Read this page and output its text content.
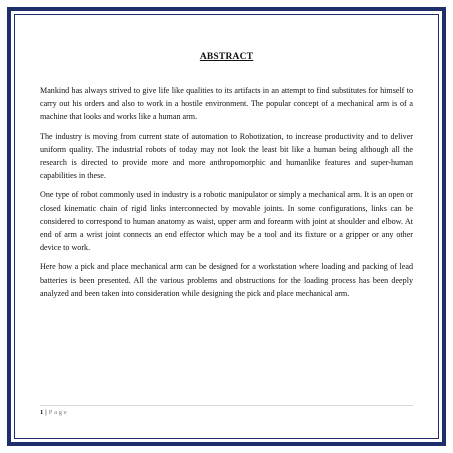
ABSTRACT

Mankind has always strived to give life like qualities to its artifacts in an attempt to find substitutes for himself to carry out his orders and also to work in a hostile environment. The popular concept of a mechanical arm is of a machine that looks and works like a human arm.

The industry is moving from current state of automation to Robotization, to increase productivity and to deliver uniform quality. The industrial robots of today may not look the least bit like a human being although all the research is directed to provide more and more anthropomorphic and humanlike features and super-human capabilities in these.

One type of robot commonly used in industry is a robotic manipulator or simply a mechanical arm. It is an open or closed kinematic chain of rigid links interconnected by movable joints. In some configurations, links can be considered to correspond to human anatomy as waist, upper arm and forearm with joint at shoulder and elbow. At end of arm a wrist joint connects an end effector which may be a tool and its fixture or a gripper or any other device to work.

Here how a pick and place mechanical arm can be designed for a workstation where loading and packing of lead batteries is been presented. All the various problems and obstructions for the loading process has been deeply analyzed and been taken into consideration while designing the pick and place mechanical arm.

1 | Page
